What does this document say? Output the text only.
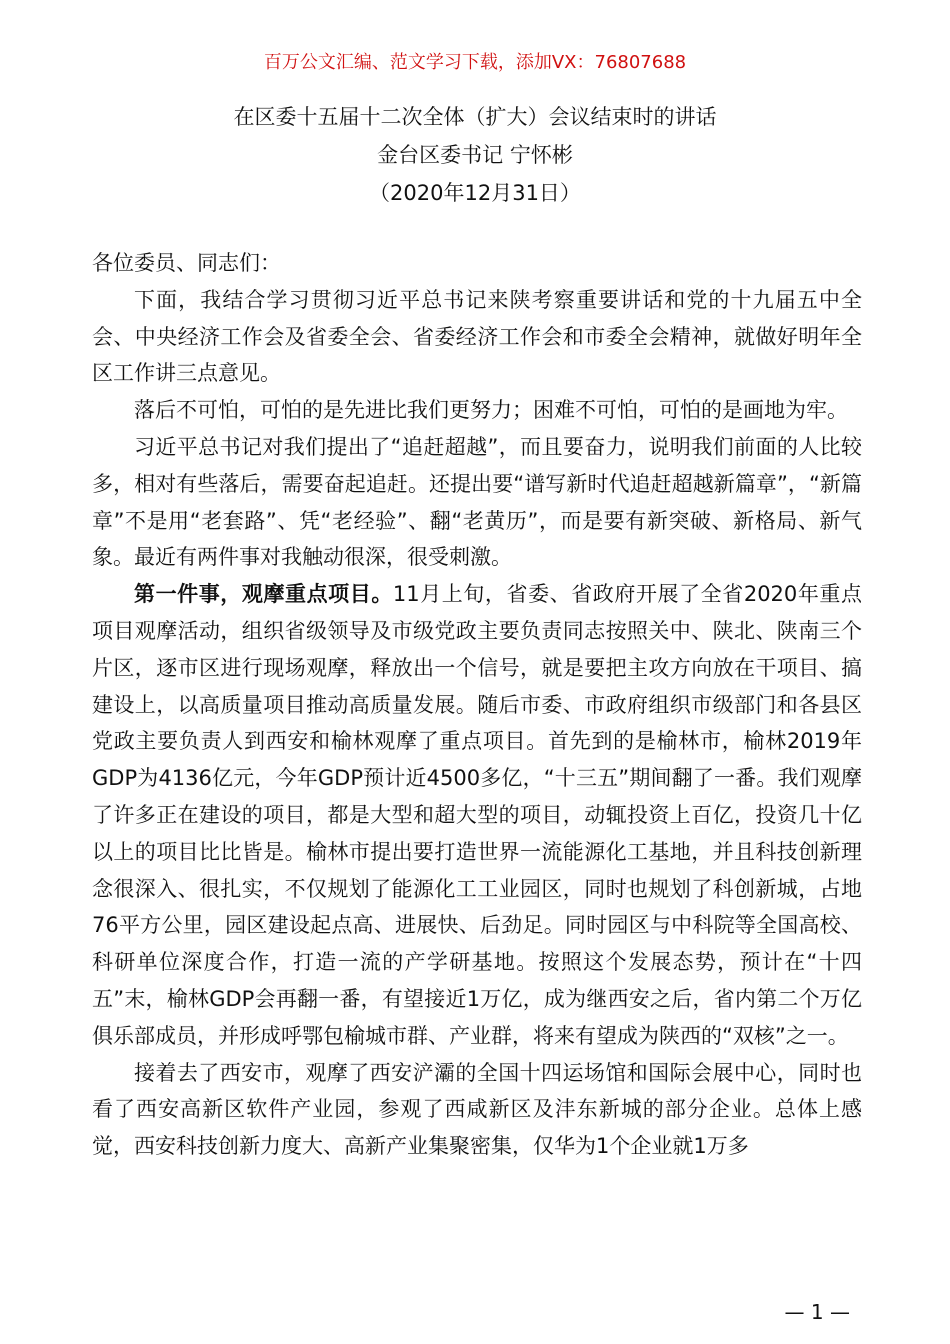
百万公文汇编、范文学习下载，添加VX：76807688
在区委十五届十二次全体（扩大）会议结束时的讲话
金台区委书记 宁怀彬
（2020年12月31日）

各位委员、同志们：

下面，我结合学习贯彻习近平总书记来陕考察重要讲话和党的十九届五中全会、中央经济工作会及省委全会、省委经济工作会和市委全会精神，就做好明年全区工作讲三点意见。

落后不可怕，可怕的是先进比我们更努力；困难不可怕，可怕的是画地为牢。

习近平总书记对我们提出了“追赶超越”，而且要奋力，说明我们前面的人比较多，相对有些落后，需要奋起追赶。还提出要“谱写新时代追赶超越新篇章”，“新篇章”不是用“老套路”、凭“老经验”、翻“老黄历”，而是要有新突破、新格局、新气象。最近有两件事对我触动很深，很受刺激。

第一件事，观摩重点项目。11月上旬，省委、省政府开展了全省2020年重点项目观摩活动，组织省级领导及市级党政主要负责同志按照关中、陕北、陕南三个片区，逐市区进行现场观摩，释放出一个信号，就是要把主攻方向放在干项目、搞建设上，以高质量项目推动高质量发展。随后市委、市政府组织市级部门和各县区党政主要负责人到西安和榆林观摩了重点项目。首先到的是榆林市，榆林2019年GDP为4136亿元，今年GDP预计近4500多亿，“十三五”期间翻了一番。我们观摩了许多正在建设的项目，都是大型和超大型的项目，动辄投资上百亿，投资几十亿以上的项目比比皆是。榆林市提出要打造世界一流能源化工基地，并且科技创新理念很深入、很扎实，不仅规划了能源化工工业园区，同时也规划了科创新城，占地76平方公里，园区建设起点高、进展快、后劲足。同时园区与中科院等全国高校、科研单位深度合作，打造一流的产学研基地。按照这个发展态势，预计在“十四五”末，榆林GDP会再翻一番，有望接近1万亿，成为继西安之后，省内第二个万亿俱乐部成员，并形成呼鄂包榆城市群、产业群，将来有望成为陕西的“双核”之一。

接着去了西安市，观摩了西安浐灞的全国十四运场馆和国际会展中心，同时也看了西安高新区软件产业园，参观了西咸新区及沣东新城的部分企业。总体上感觉，西安科技创新力度大、高新产业集聚密集，仅华为1个企业就1万多

— 1 —
